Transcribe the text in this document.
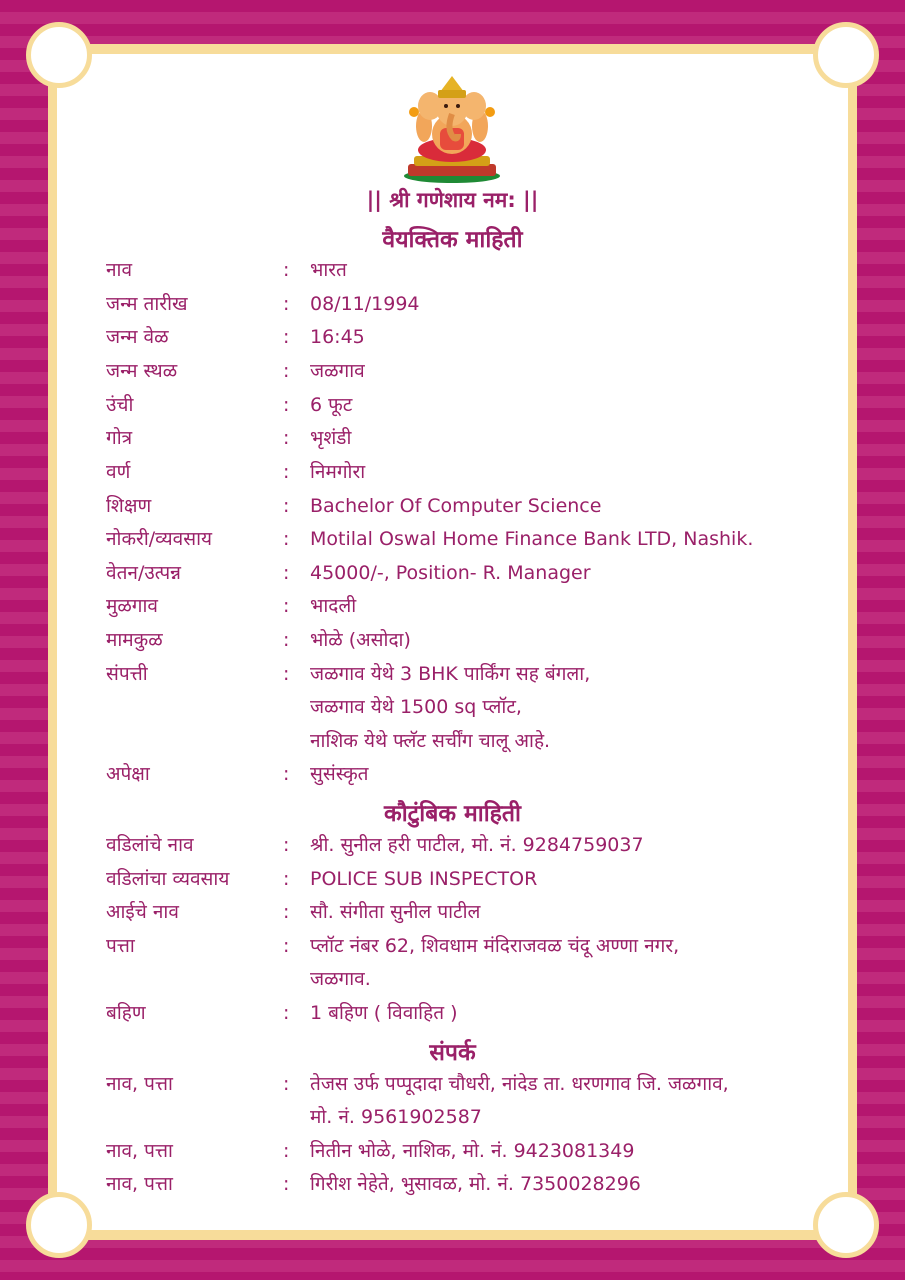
|| श्री गणेशाय नम: ||
वैयक्तिक माहिती
नाव	: भारत
जन्म तारीख	: 08/11/1994
जन्म वेळ	: 16:45
जन्म स्थळ	: जळगाव
उंची	: 6 फूट
गोत्र	: भृशंडी
वर्ण	: निमगोरा
शिक्षण	: Bachelor Of Computer Science
नोकरी/व्यवसाय	: Motilal Oswal Home Finance Bank LTD, Nashik.
वेतन/उत्पन्न	: 45000/-, Position- R. Manager
मुळगाव	: भादली
मामकुळ	: भोळे (असोदा)
संपत्ती	: जळगाव येथे 3 BHK पार्किंग सह बंगला,
जळगाव येथे 1500 sq प्लॉट,
नाशिक येथे फ्लॅट सर्चींग चालू आहे.
अपेक्षा	: सुसंस्कृत
कौटुंबिक माहिती
वडिलांचे नाव	: श्री. सुनील हरी पाटील, मो. नं. 9284759037
वडिलांचा व्यवसाय	: POLICE SUB INSPECTOR
आईचे नाव	: सौ. संगीता सुनील पाटील
पत्ता	: प्लॉट नंबर 62, शिवधाम मंदिराजवळ चंदू अण्णा नगर,
जळगाव.
बहिण	: 1 बहिण ( विवाहित )
संपर्क
नाव, पत्ता	: तेजस उर्फ पप्पूदादा चौधरी, नांदेड ता. धरणगाव जि. जळगाव,
मो. नं. 9561902587
नाव, पत्ता	: नितीन भोळे, नाशिक, मो. नं. 9423081349
नाव, पत्ता	: गिरीश नेहेते, भुसावळ, मो. नं. 7350028296
